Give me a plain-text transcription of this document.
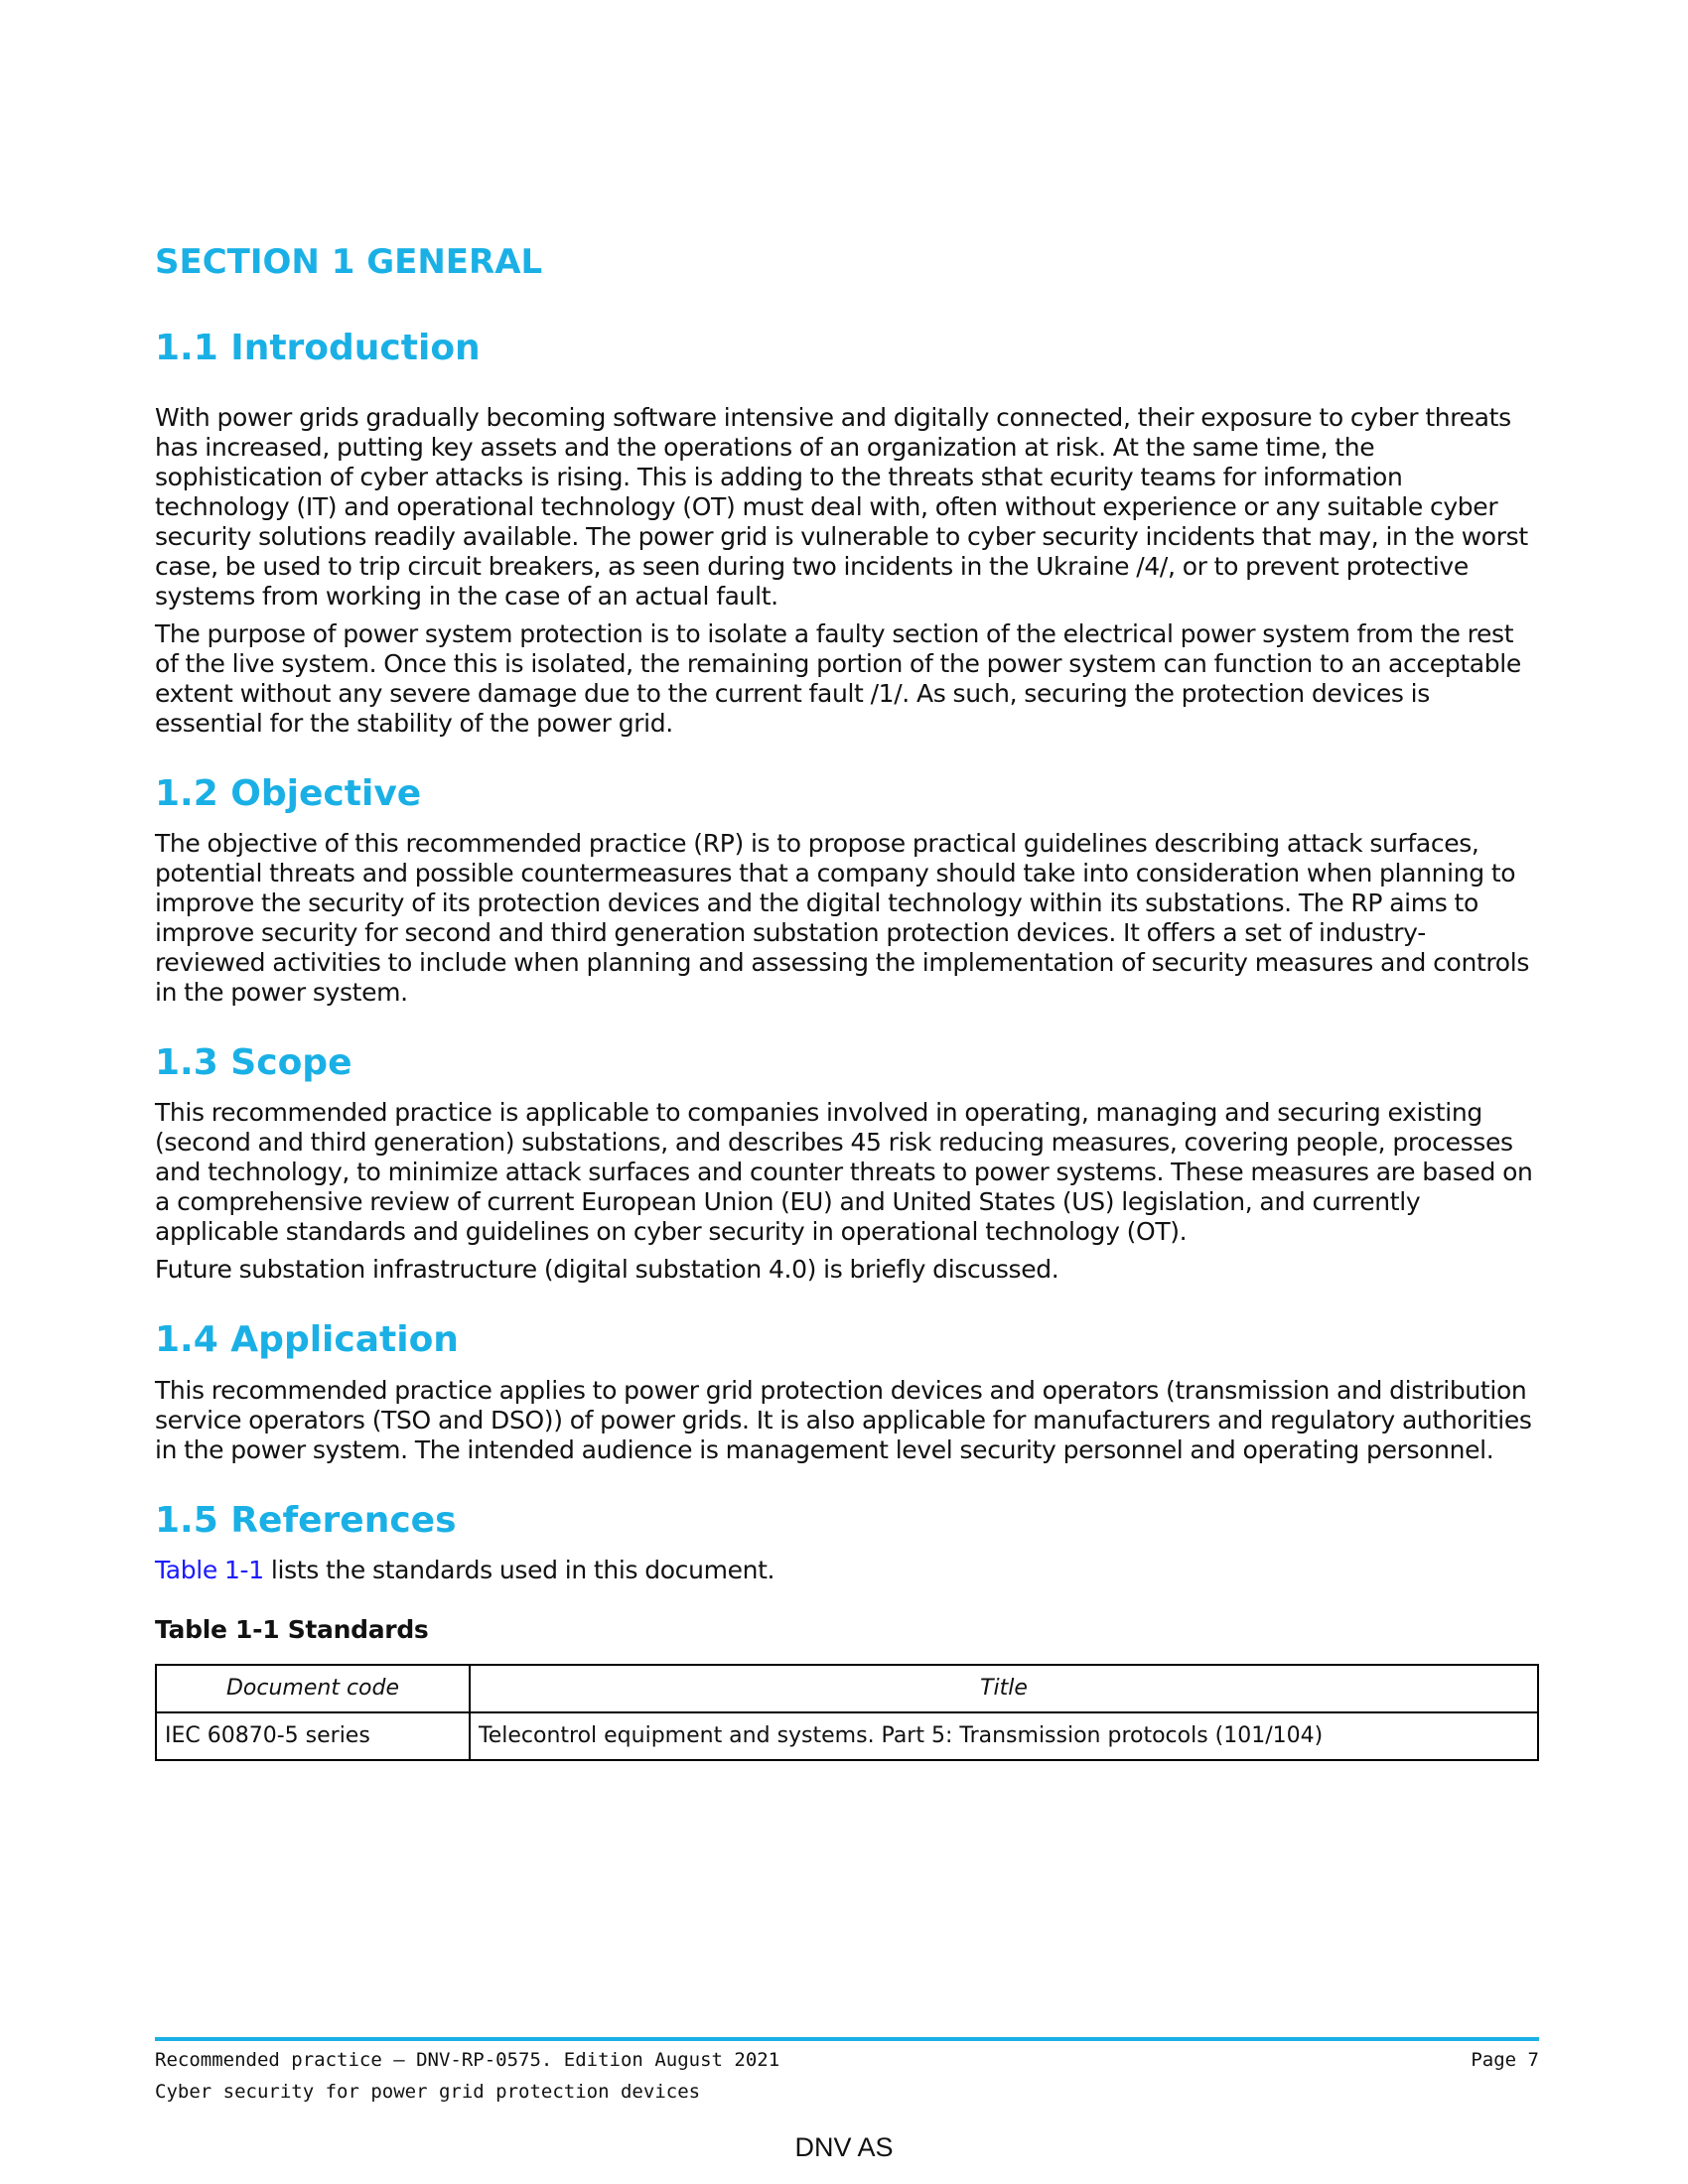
SECTION 1 GENERAL
1.1 Introduction

With power grids gradually becoming software intensive and digitally connected, their exposure to cyber threats has increased, putting key assets and the operations of an organization at risk. At the same time, the sophistication of cyber attacks is rising. This is adding to the threats sthat ecurity teams for information technology (IT) and operational technology (OT) must deal with, often without experience or any suitable cyber security solutions readily available. The power grid is vulnerable to cyber security incidents that may, in the worst case, be used to trip circuit breakers, as seen during two incidents in the Ukraine /4/, or to prevent protective systems from working in the case of an actual fault.

The purpose of power system protection is to isolate a faulty section of the electrical power system from the rest of the live system. Once this is isolated, the remaining portion of the power system can function to an acceptable extent without any severe damage due to the current fault /1/. As such, securing the protection devices is essential for the stability of the power grid.

1.2 Objective

The objective of this recommended practice (RP) is to propose practical guidelines describing attack surfaces, potential threats and possible countermeasures that a company should take into consideration when planning to improve the security of its protection devices and the digital technology within its substations. The RP aims to improve security for second and third generation substation protection devices. It offers a set of industry-reviewed activities to include when planning and assessing the implementation of security measures and controls in the power system.

1.3 Scope

This recommended practice is applicable to companies involved in operating, managing and securing existing (second and third generation) substations, and describes 45 risk reducing measures, covering people, processes and technology, to minimize attack surfaces and counter threats to power systems. These measures are based on a comprehensive review of current European Union (EU) and United States (US) legislation, and currently applicable standards and guidelines on cyber security in operational technology (OT).

Future substation infrastructure (digital substation 4.0) is briefly discussed.

1.4 Application

This recommended practice applies to power grid protection devices and operators (transmission and distribution service operators (TSO and DSO)) of power grids. It is also applicable for manufacturers and regulatory authorities in the power system. The intended audience is management level security personnel and operating personnel.

1.5 References

Table 1-1 lists the standards used in this document.

Table 1-1 Standards
Document code	Title
IEC 60870-5 series	Telecontrol equipment and systems. Part 5: Transmission protocols (101/104)
Recommended practice — DNV-RP-0575. Edition August 2021	Page 7
Cyber security for power grid protection devices
DNV AS
